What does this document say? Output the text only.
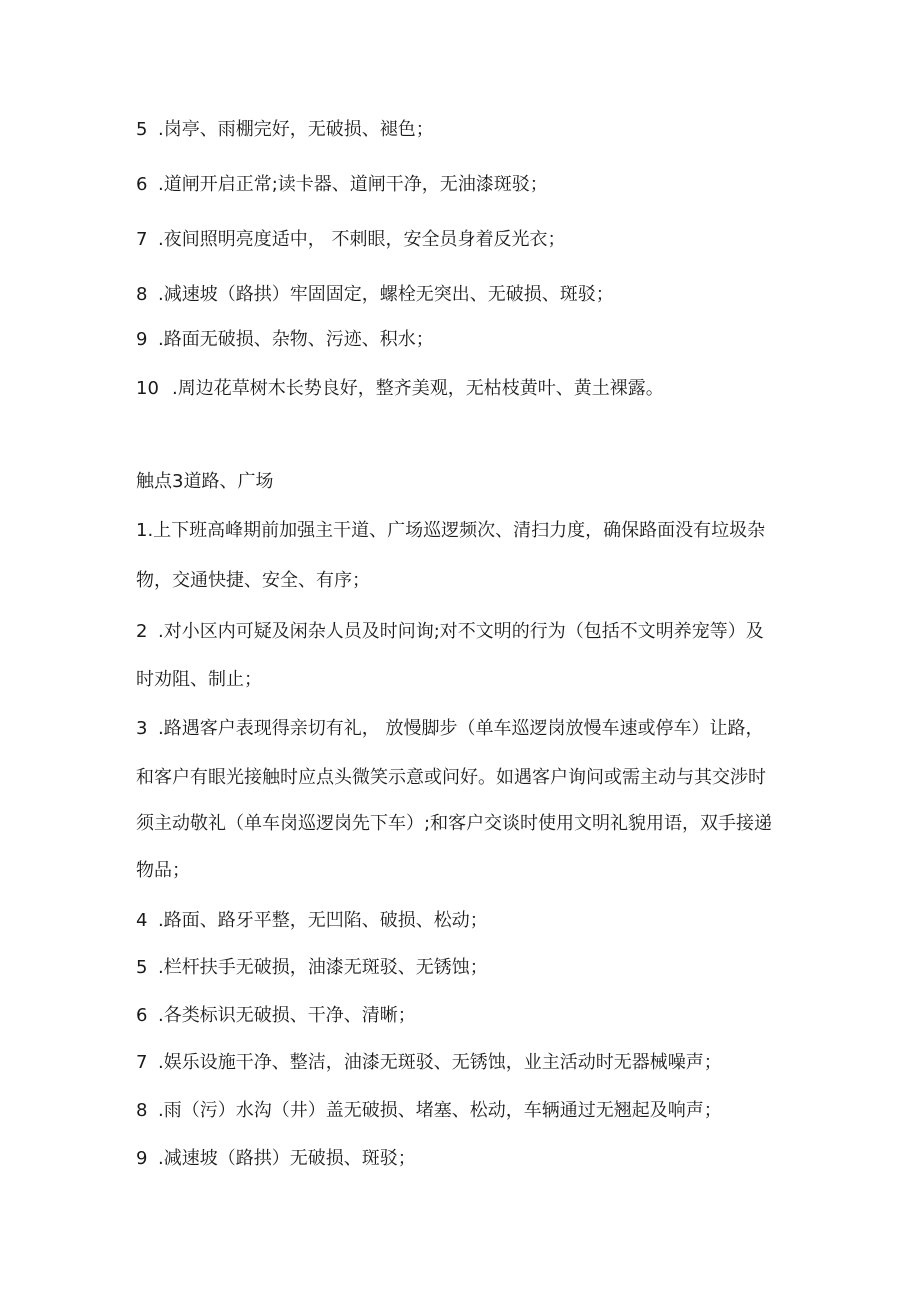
5 .岗亭、雨棚完好，无破损、褪色；
6 .道闸开启正常;读卡器、道闸干净，无油漆斑驳；
7 .夜间照明亮度适中， 不刺眼，安全员身着反光衣；
8 .减速坡（路拱）牢固固定，螺栓无突出、无破损、斑驳；
9 .路面无破损、杂物、污迹、积水；
10 .周边花草树木长势良好，整齐美观，无枯枝黄叶、黄土裸露。
触点3道路、广场
1.上下班高峰期前加强主干道、广场巡逻频次、清扫力度，确保路面没有垃圾杂
物，交通快捷、安全、有序；
2 .对小区内可疑及闲杂人员及时问询;对不文明的行为（包括不文明养宠等）及
时劝阻、制止；
3 .路遇客户表现得亲切有礼， 放慢脚步（单车巡逻岗放慢车速或停车）让路，
和客户有眼光接触时应点头微笑示意或问好。如遇客户询问或需主动与其交涉时
须主动敬礼（单车岗巡逻岗先下车）;和客户交谈时使用文明礼貌用语，双手接递
物品；
4 .路面、路牙平整，无凹陷、破损、松动；
5 .栏杆扶手无破损，油漆无斑驳、无锈蚀；
6 .各类标识无破损、干净、清晰；
7 .娱乐设施干净、整洁，油漆无斑驳、无锈蚀，业主活动时无器械噪声；
8 .雨（污）水沟（井）盖无破损、堵塞、松动，车辆通过无翘起及响声；
9 .减速坡（路拱）无破损、斑驳；
